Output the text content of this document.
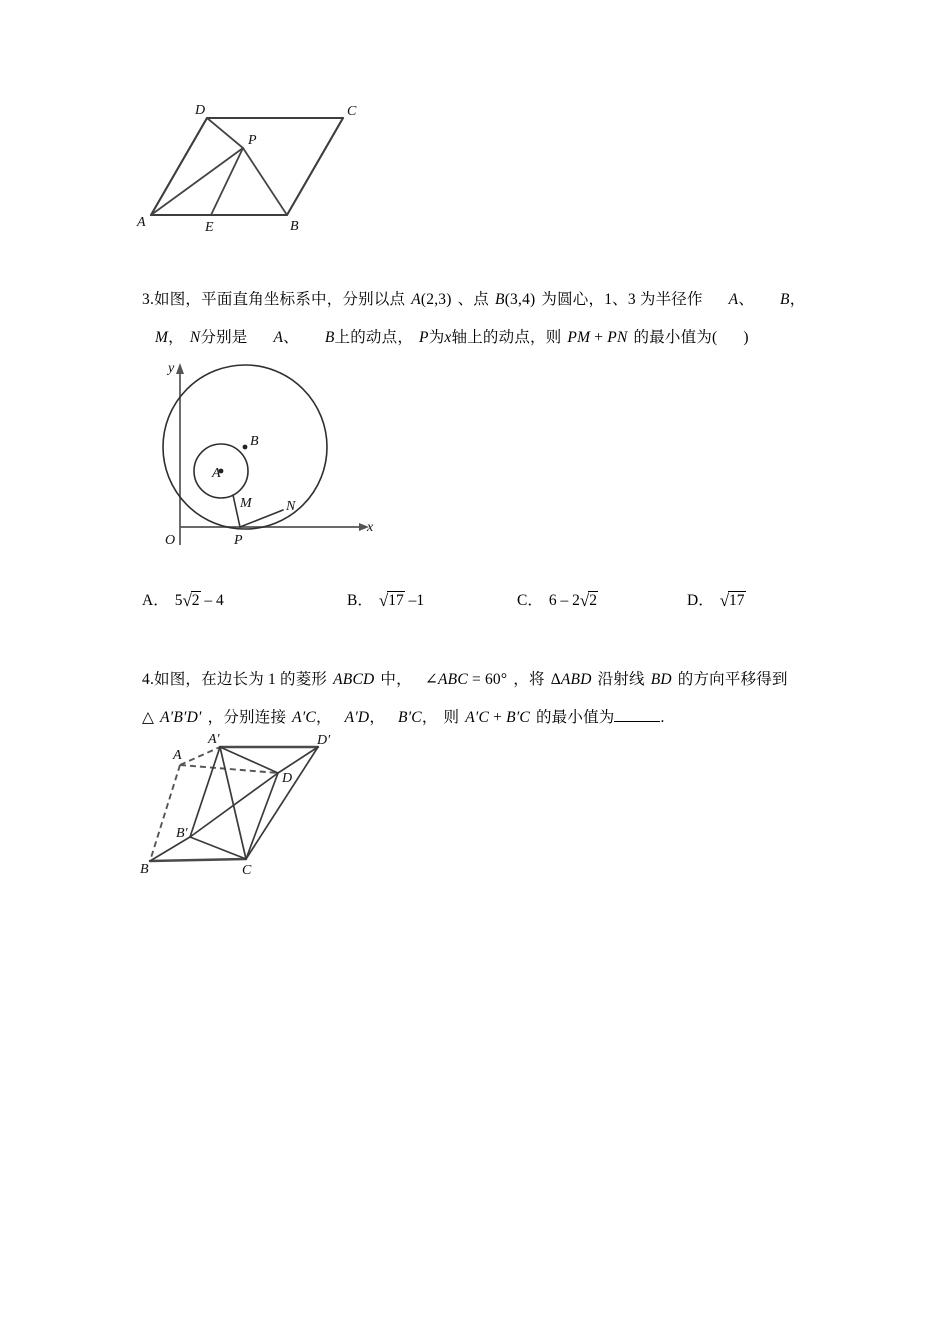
A	B
C
D
P
E
3.如图，平面直角坐标系中，分别以点 A(2,3) 、点 B(3,4) 为圆心，1、3 为半径作 A、 B，
M， N分别是 A、 B上的动点， P为x轴上的动点，则 PM + PN 的最小值为( )
A
B
M N
P
O
x
y
A． 5√2 – 4	B． √17 –1	C． 6 – 2√2	D． √17
4.如图，在边长为 1 的菱形 ABCD 中， ∠ABC = 60° ，将 ΔABD 沿射线 BD 的方向平移得到
△ A′B′D′ ，分别连接 A′C， A′D， B′C， 则 A′C + B′C 的最小值为	.
A′	D′
A
D
B′
B	C
